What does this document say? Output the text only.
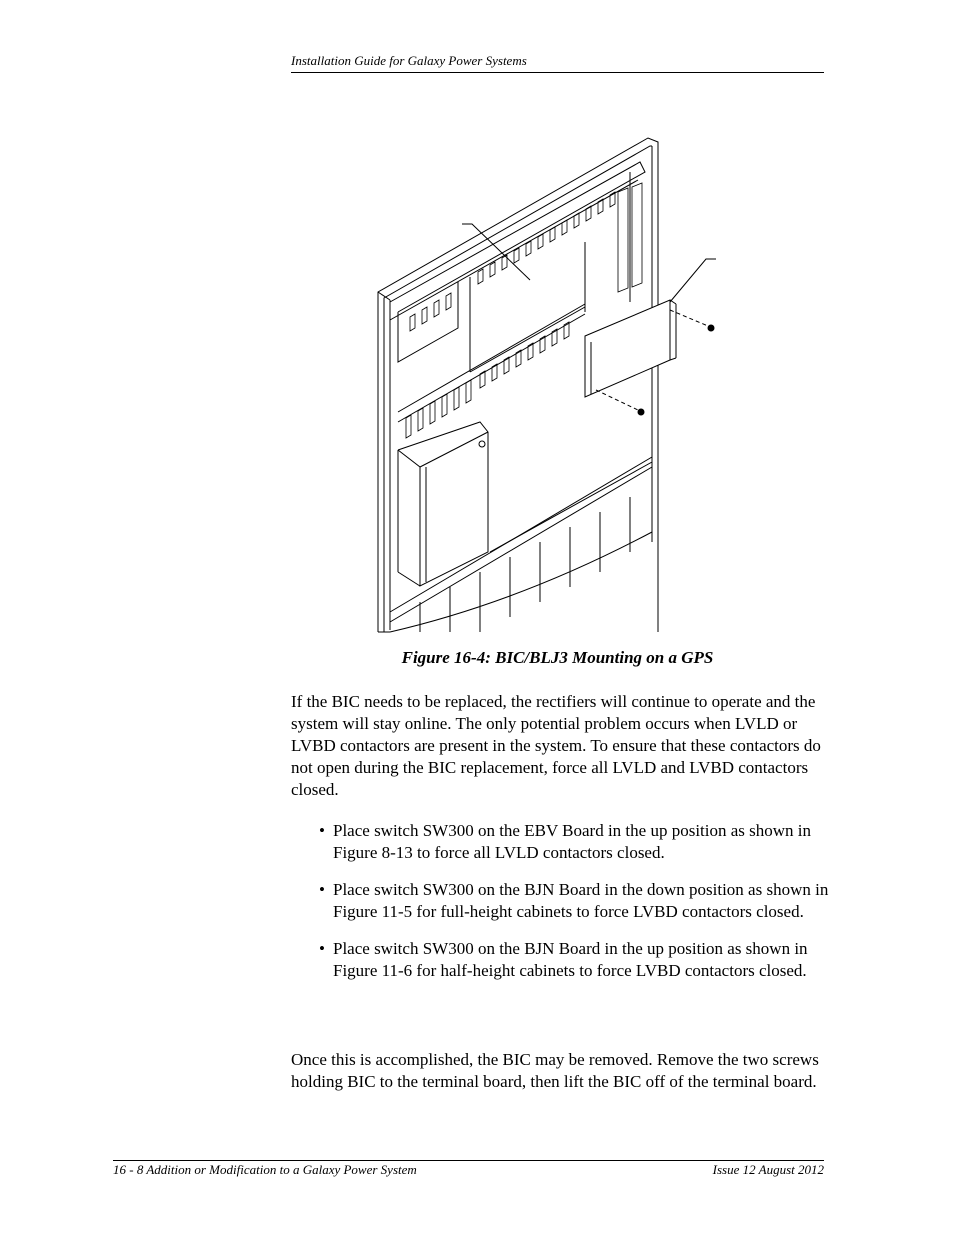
Installation Guide for Galaxy Power Systems
Figure 16-4: BIC/BLJ3 Mounting on a GPS

If the BIC needs to be replaced, the rectifiers will continue to operate and the system will stay online. The only potential problem occurs when LVLD or LVBD contactors are present in the system. To ensure that these contactors do not open during the BIC replacement, force all LVLD and LVBD contactors closed.

• Place switch SW300 on the EBV Board in the up position as shown in Figure 8-13 to force all LVLD contactors closed.
• Place switch SW300 on the BJN Board in the down position as shown in Figure 11-5 for full-height cabinets to force LVBD contactors closed.
• Place switch SW300 on the BJN Board in the up position as shown in Figure 11-6 for half-height cabinets to force LVBD contactors closed.

Once this is accomplished, the BIC may be removed. Remove the two screws holding BIC to the terminal board, then lift the BIC off of the terminal board.

16 - 8 Addition or Modification to a Galaxy Power System	Issue 12 August 2012
